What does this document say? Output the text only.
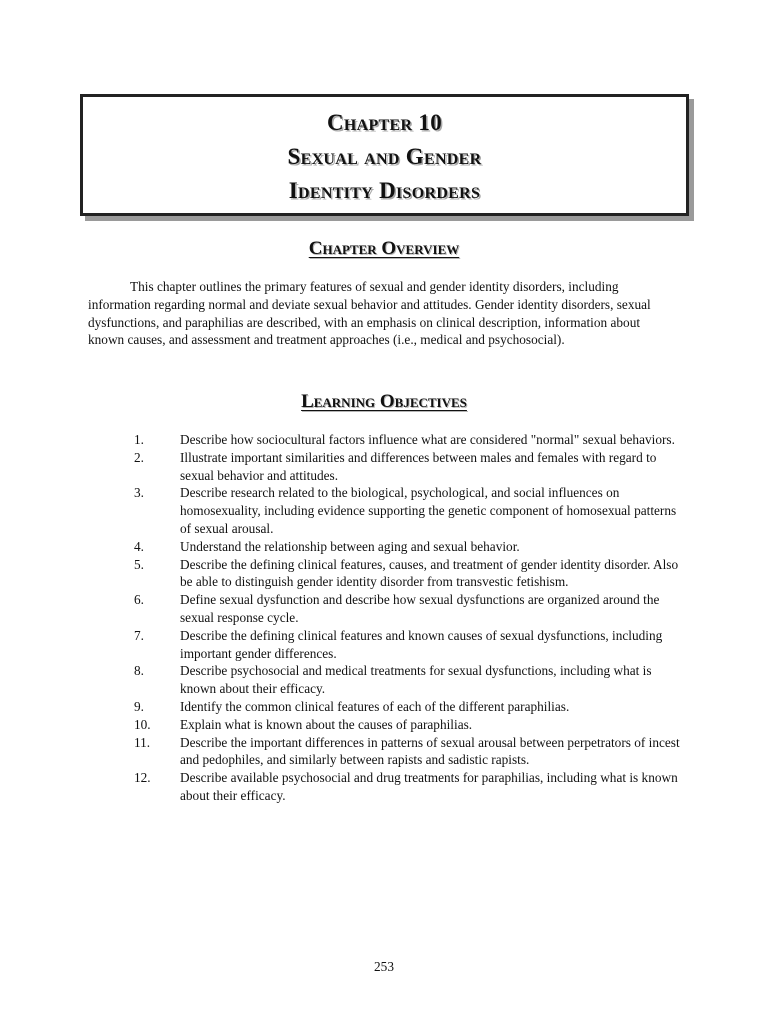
Chapter 10
Sexual and Gender
Identity Disorders
Chapter Overview

This chapter outlines the primary features of sexual and gender identity disorders, including information regarding normal and deviate sexual behavior and attitudes. Gender identity disorders, sexual dysfunctions, and paraphilias are described, with an emphasis on clinical description, information about known causes, and assessment and treatment approaches (i.e., medical and psychosocial).

Learning Objectives
1.	Describe how sociocultural factors influence what are considered "normal" sexual behaviors.
2.	Illustrate important similarities and differences between males and females with regard to sexual behavior and attitudes.
3.	Describe research related to the biological, psychological, and social influences on homosexuality, including evidence supporting the genetic component of homosexual patterns of sexual arousal.
4.	Understand the relationship between aging and sexual behavior.
5.	Describe the defining clinical features, causes, and treatment of gender identity disorder. Also be able to distinguish gender identity disorder from transvestic fetishism.
6.	Define sexual dysfunction and describe how sexual dysfunctions are organized around the sexual response cycle.
7.	Describe the defining clinical features and known causes of sexual dysfunctions, including important gender differences.
8.	Describe psychosocial and medical treatments for sexual dysfunctions, including what is known about their efficacy.
9.	Identify the common clinical features of each of the different paraphilias.
10.	Explain what is known about the causes of paraphilias.
11.	Describe the important differences in patterns of sexual arousal between perpetrators of incest and pedophiles, and similarly between rapists and sadistic rapists.
12.	Describe available psychosocial and drug treatments for paraphilias, including what is known about their efficacy.
253
